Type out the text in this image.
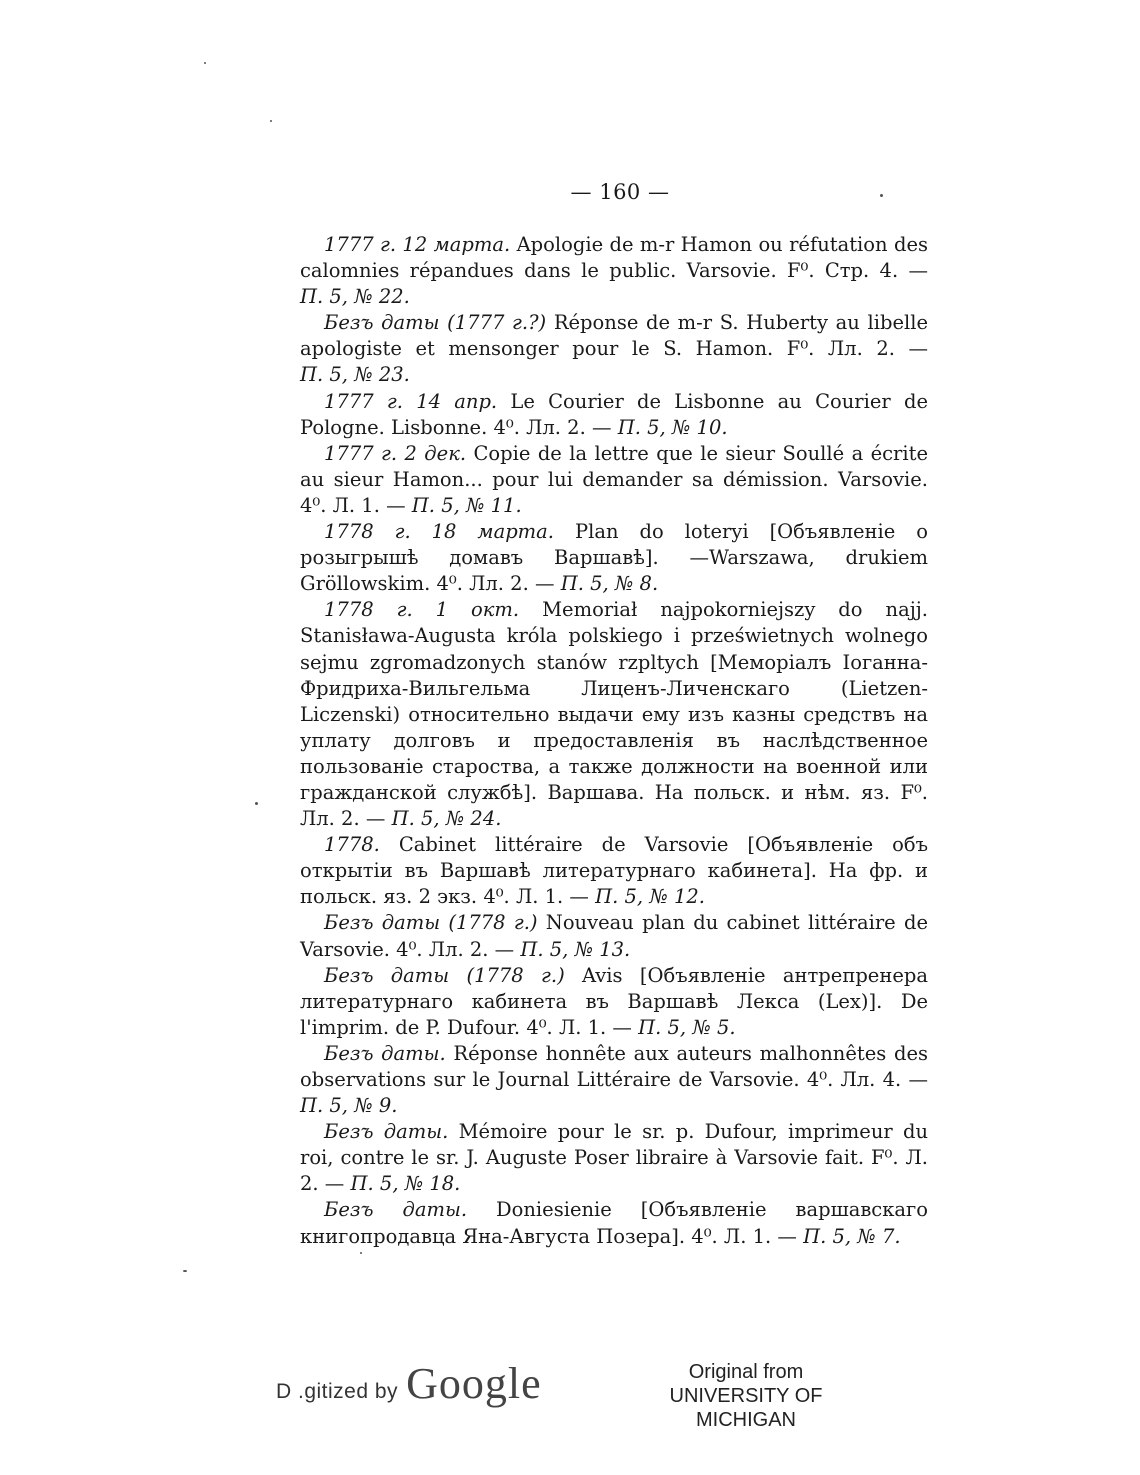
— 160 —

1777 г. 12 марта. Apologie de m-r Hamon ou réfutation des calomnies répandues dans le public. Varsovie. F⁰. Стр. 4. — П. 5, № 22.

Безъ даты (1777 г.?) Réponse de m-r S. Huberty au libelle apologiste et mensonger pour le S. Hamon. F⁰. Лл. 2. — П. 5, № 23.

1777 г. 14 апр. Le Courier de Lisbonne au Courier de Pologne. Lisbonne. 4⁰. Лл. 2. — П. 5, № 10.

1777 г. 2 дек. Copie de la lettre que le sieur Soullé a écrite au sieur Hamon... pour lui demander sa démission. Varsovie. 4⁰. Л. 1. — П. 5, № 11.

1778 г. 18 марта. Plan do loteryi [Объявленіе о розыгрышѣ домавъ Варшавѣ]. —Warszawa, drukiem Gröllowskim. 4⁰. Лл. 2. — П. 5, № 8.

1778 г. 1 окт. Memoriał najpokorniejszy do najj. Stanisława-Augusta króla polskiego i prześwietnych wolnego sejmu zgromadzonych stanów rzpltych [Меморіалъ Іоганна-Фридриха-Вильгельма Лиценъ-Личенскаго (Lietzen-Liczenski) относительно выдачи ему изъ казны средствъ на уплату долговъ и предоставленія въ наслѣдственное пользованіе староства, а также должности на военной или гражданской службѣ]. Варшава. На польск. и нѣм. яз. F⁰. Лл. 2. — П. 5, № 24.

1778. Cabinet littéraire de Varsovie [Объявленіе объ открытіи въ Варшавѣ литературнаго кабинета]. На фр. и польск. яз. 2 экз. 4⁰. Л. 1. — П. 5, № 12.

Безъ даты (1778 г.) Nouveau plan du cabinet littéraire de Varsovie. 4⁰. Лл. 2. — П. 5, № 13.

Безъ даты (1778 г.) Avis [Объявленіе антрепренера литературнаго кабинета въ Варшавѣ Лекса (Lex)]. De l'imprim. de P. Dufour. 4⁰. Л. 1. — П. 5, № 5.

Безъ даты. Réponse honnête aux auteurs malhonnêtes des observations sur le Journal Littéraire de Varsovie. 4⁰. Лл. 4. — П. 5, № 9.

Безъ даты. Mémoire pour le sr. p. Dufour, imprimeur du roi, contre le sr. J. Auguste Poser libraire à Varsovie fait. F⁰. Л. 2. — П. 5, № 18.

Безъ даты. Doniesienie [Объявленіе варшавскаго книгопродавца Яна-Августа Позера]. 4⁰. Л. 1. — П. 5, № 7.

D .gitized by Google	Original from
UNIVERSITY OF MICHIGAN
